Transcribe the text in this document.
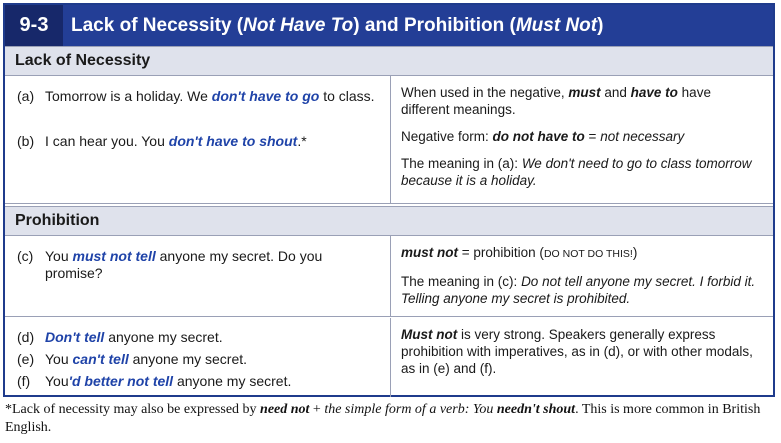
9-3	Lack of Necessity (Not Have To) and Prohibition (Must Not)
Lack of Necessity
(a) Tomorrow is a holiday. We don't have to go to class.
(b) I can hear you. You don't have to shout.*

When used in the negative, must and have to have different meanings.

Negative form: do not have to = not necessary

The meaning in (a): We don't need to go to class tomorrow because it is a holiday.

Prohibition
(c) You must not tell anyone my secret. Do you promise?

must not = prohibition (DO NOT DO THIS!)

The meaning in (c): Do not tell anyone my secret. I forbid it. Telling anyone my secret is prohibited.

(d) Don't tell anyone my secret.
(e) You can't tell anyone my secret.
(f)	You'd better not tell anyone my secret.

Must not is very strong. Speakers generally express prohibition with imperatives, as in (d), or with other modals, as in (e) and (f).

*Lack of necessity may also be expressed by need not + the simple form of a verb: You needn't shout. This is more common in British English.
